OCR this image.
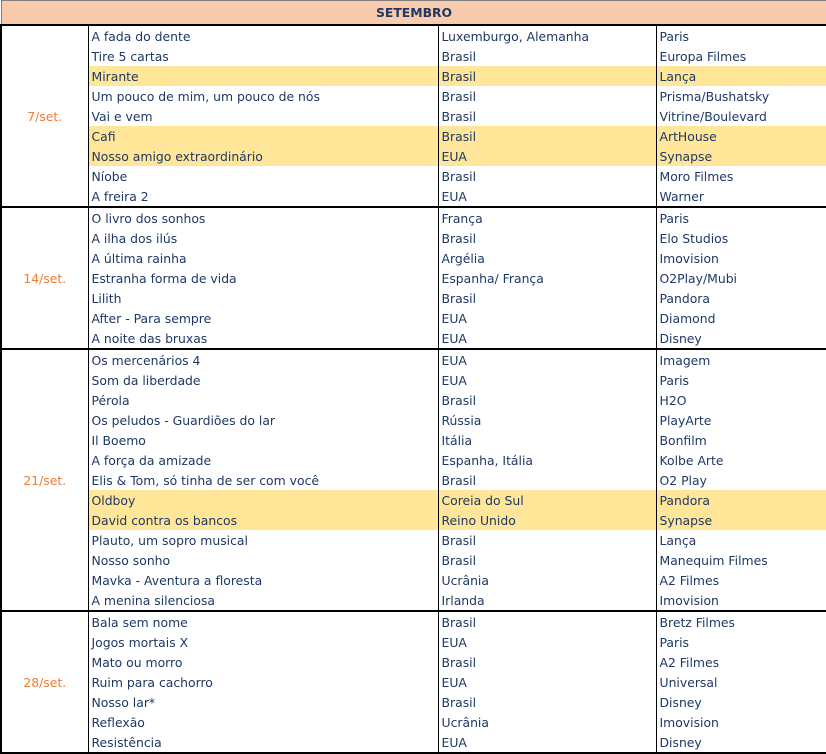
SETEMBRO			
7/set.	A fada do dente	Luxemburgo, Alemanha	Paris
	Tire 5 cartas	Brasil	Europa Filmes
	Mirante	Brasil	Lança
	Um pouco de mim, um pouco de nós	Brasil	Prisma/Bushatsky
	Vai e vem	Brasil	Vitrine/Boulevard
	Cafi	Brasil	ArtHouse
	Nosso amigo extraordinário	EUA	Synapse
	Níobe	Brasil	Moro Filmes
	A freira 2	EUA	Warner
14/set.	O livro dos sonhos	França	Paris
	A ilha dos ilús	Brasil	Elo Studios
	A última rainha	Argélia	Imovision
	Estranha forma de vida	Espanha/ França	O2Play/Mubi
	Lilith	Brasil	Pandora
	After - Para sempre	EUA	Diamond
	A noite das bruxas	EUA	Disney
21/set.	Os mercenários 4	EUA	Imagem
	Som da liberdade	EUA	Paris
	Pérola	Brasil	H2O
	Os peludos - Guardiões do lar	Rússia	PlayArte
	Il Boemo	Itália	Bonfilm
	A força da amizade	Espanha, Itália	Kolbe Arte
	Elis & Tom, só tinha de ser com você	Brasil	O2 Play
	Oldboy	Coreia do Sul	Pandora
	David contra os bancos	Reino Unido	Synapse
	Plauto, um sopro musical	Brasil	Lança
	Nosso sonho	Brasil	Manequim Filmes
	Mavka - Aventura a floresta	Ucrânia	A2 Filmes
	A menina silenciosa	Irlanda	Imovision
28/set.	Bala sem nome	Brasil	Bretz Filmes
	Jogos mortais X	EUA	Paris
	Mato ou morro	Brasil	A2 Filmes
	Ruim para cachorro	EUA	Universal
	Nosso lar*	Brasil	Disney
	Reflexão	Ucrânia	Imovision
	Resistência	EUA	Disney
